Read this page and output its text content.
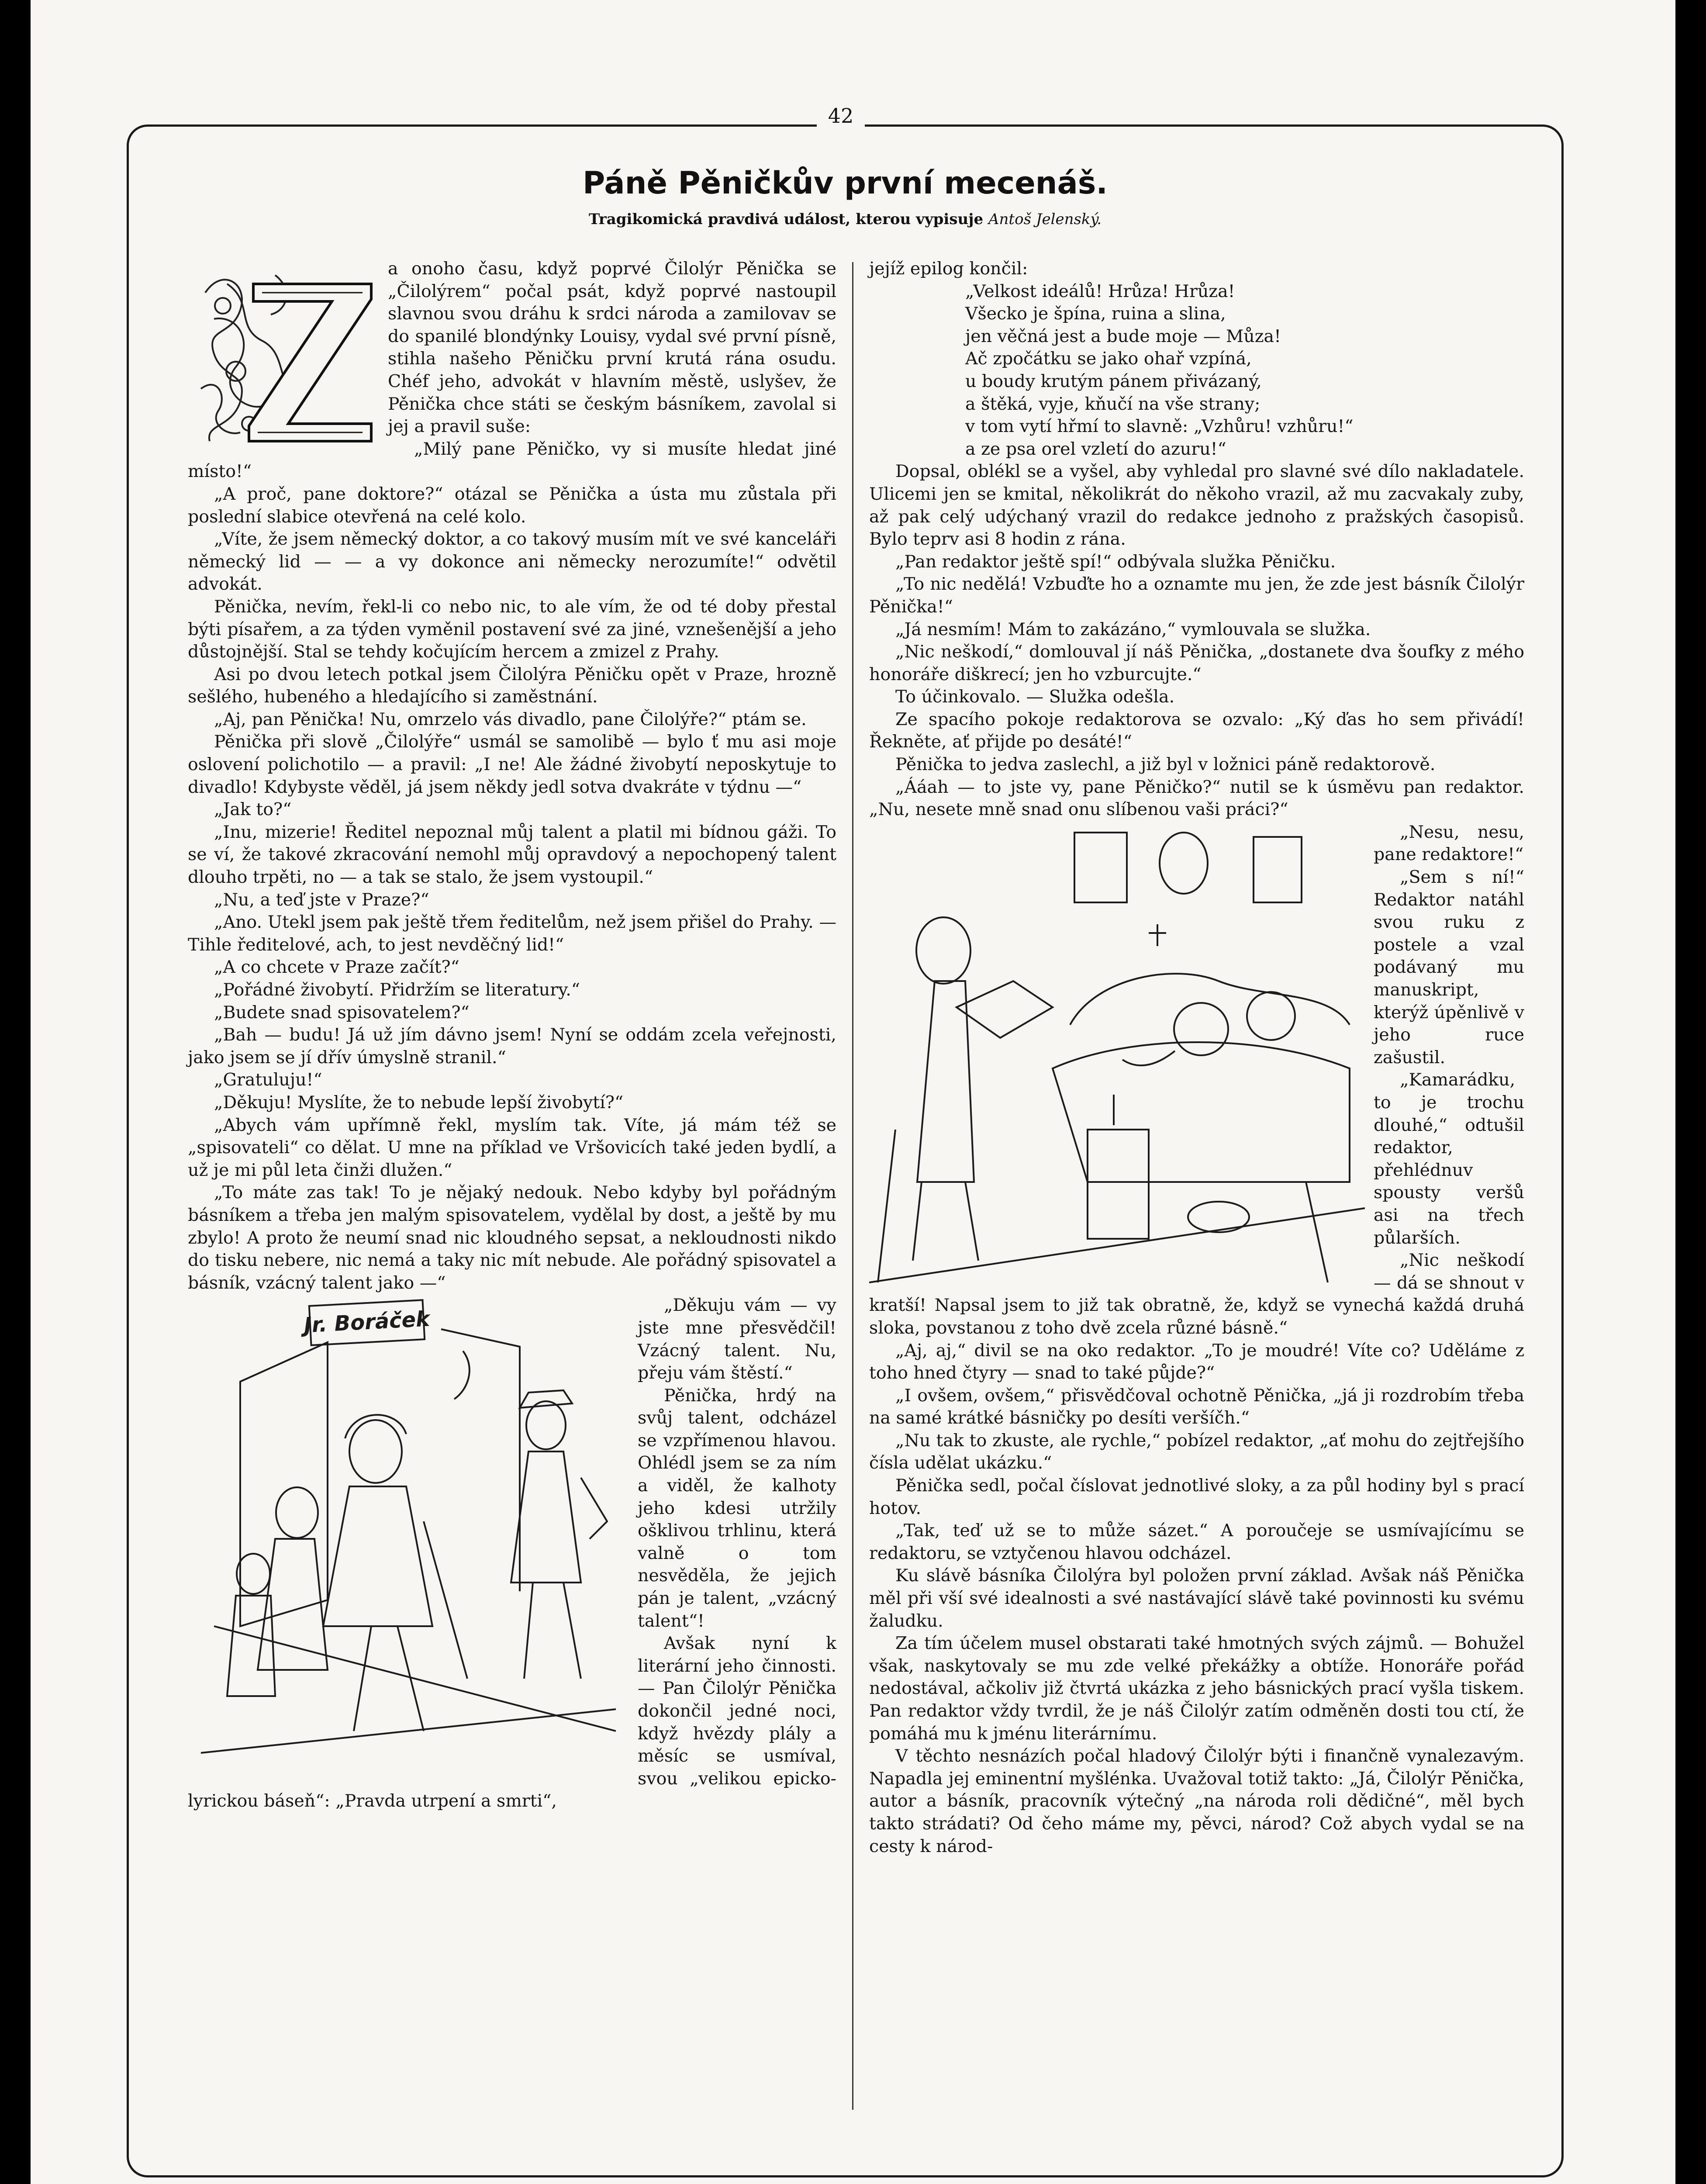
42
Páně Pěničkův první mecenáš.
Tragikomická pravdivá událost, kterou vypisuje Antoš Jelenský.

a onoho času, když poprvé Čilolýr Pěnička se „Čilolýrem“ počal psát, když poprvé nastoupil slavnou svou dráhu k srdci národa a zamilovav se do spanilé blondýnky Louisy, vydal své první písně, stihla našeho Pěničku první krutá rána osudu. Chéf jeho, advokát v hlavním městě, uslyšev, že Pěnička chce státi se českým básníkem, zavolal si jej a pravil suše:

„Milý pane Pěničko, vy si musíte hledat jiné místo!“

„A proč, pane doktore?“ otázal se Pěnička a ústa mu zůstala při poslední slabice otevřená na celé kolo.

„Víte, že jsem německý doktor, a co takový musím mít ve své kanceláři německý lid — — a vy dokonce ani německy nerozumíte!“ odvětil advokát.

Pěnička, nevím, řekl-li co nebo nic, to ale vím, že od té doby přestal býti písařem, a za týden vyměnil postavení své za jiné, vznešenější a jeho důstojnější. Stal se tehdy kočujícím hercem a zmizel z Prahy.

Asi po dvou letech potkal jsem Čilolýra Pěničku opět v Praze, hrozně sešlého, hubeného a hledajícího si zaměstnání.

„Aj, pan Pěnička! Nu, omrzelo vás divadlo, pane Čilolýře?“ ptám se.

Pěnička při slově „Čilolýře“ usmál se samolibě — bylo ť mu asi moje oslovení polichotilo — a pravil: „I ne! Ale žádné živobytí neposkytuje to divadlo! Kdybyste věděl, já jsem někdy jedl sotva dvakráte v týdnu —“

„Jak to?“

„Inu, mizerie! Ředitel nepoznal můj talent a platil mi bídnou gáži. To se ví, že takové zkracování nemohl můj opravdový a nepochopený talent dlouho trpěti, no — a tak se stalo, že jsem vystoupil.“

„Nu, a teď jste v Praze?“

„Ano. Utekl jsem pak ještě třem ředitelům, než jsem přišel do Prahy. — Tihle ředitelové, ach, to jest nevděčný lid!“

„A co chcete v Praze začít?“

„Pořádné živobytí. Přidržím se literatury.“

„Budete snad spisovatelem?“

„Bah — budu! Já už jím dávno jsem! Nyní se oddám zcela veřejnosti, jako jsem se jí dřív úmyslně stranil.“

„Gratuluju!“

„Děkuju! Myslíte, že to nebude lepší živobytí?“

„Abych vám upřímně řekl, myslím tak. Víte, já mám též se „spisovateli“ co dělat. U mne na příklad ve Vršovicích také jeden bydlí, a už je mi půl leta činži dlužen.“

„To máte zas tak! To je nějaký nedouk. Nebo kdyby byl pořádným básníkem a třeba jen malým spisovatelem, vydělal by dost, a ještě by mu zbylo! A proto že neumí snad nic kloudného sepsat, a nekloudnosti nikdo do tisku nebere, nic nemá a taky nic mít nebude. Ale pořádný spisovatel a básník, vzácný talent jako —“

Jr. Boráček

„Děkuju vám — vy jste mne přesvědčil! Vzácný talent. Nu, přeju vám štěstí.“

Pěnička, hrdý na svůj talent, odcházel se vzpřímenou hlavou. Ohlédl jsem se za ním a viděl, že kalhoty jeho kdesi utržily ošklivou trhlinu, která valně o tom nesvěděla, že jejich pán je talent, „vzácný talent“!

Avšak nyní k literární jeho činnosti. — Pan Čilolýr Pěnička dokončil jedné noci, když hvězdy plály a měsíc se usmíval, svou „velikou epicko-lyrickou báseň“: „Pravda utrpení a smrti“,

jejíž epilog končil:

„Velkost ideálů! Hrůza! Hrůza!

Všecko je špína, ruina a slina,

jen věčná jest a bude moje — Můza!

Ač zpočátku se jako ohař vzpíná,

u boudy krutým pánem přivázaný,

a štěká, vyje, kňučí na vše strany;

v tom vytí hřmí to slavně: „Vzhůru! vzhůru!“

a ze psa orel vzletí do azuru!“

Dopsal, oblékl se a vyšel, aby vyhledal pro slavné své dílo nakladatele. Ulicemi jen se kmital, několikrát do někoho vrazil, až mu zacvakaly zuby, až pak celý udýchaný vrazil do redakce jednoho z pražských časopisů. Bylo teprv asi 8 hodin z rána.

„Pan redaktor ještě spí!“ odbývala služka Pěničku.

„To nic nedělá! Vzbuďte ho a oznamte mu jen, že zde jest básník Čilolýr Pěnička!“

„Já nesmím! Mám to zakázáno,“ vymlouvala se služka.

„Nic neškodí,“ domlouval jí náš Pěnička, „dostanete dva šoufky z mého honoráře diškrecí; jen ho vzburcujte.“

To účinkovalo. — Služka odešla.

Ze spacího pokoje redaktorova se ozvalo: „Ký ďas ho sem přivádí! Řekněte, ať přijde po desáté!“

Pěnička to jedva zaslechl, a již byl v ložnici páně redaktorově.

„Ááah — to jste vy, pane Pěničko?“ nutil se k úsměvu pan redaktor. „Nu, nesete mně snad onu slíbenou vaši práci?“

„Nesu, nesu, pane redaktore!“

„Sem s ní!“ Redaktor natáhl svou ruku z postele a vzal podávaný mu manuskript, kterýž úpěnlivě v jeho ruce zašustil.

„Kamarádku, to je trochu dlouhé,“ odtušil redaktor, přehlédnuv spousty veršů asi na třech půlarších.

„Nic neškodí — dá se shnout v kratší! Napsal jsem to již tak obratně, že, když se vynechá každá druhá sloka, povstanou z toho dvě zcela různé básně.“

„Aj, aj,“ divil se na oko redaktor. „To je moudré! Víte co? Uděláme z toho hned čtyry — snad to také půjde?“

„I ovšem, ovšem,“ přisvědčoval ochotně Pěnička, „já ji rozdrobím třeba na samé krátké básničky po desíti veršíčh.“

„Nu tak to zkuste, ale rychle,“ pobízel redaktor, „ať mohu do zejtřejšího čísla udělat ukázku.“

Pěnička sedl, počal číslovat jednotlivé sloky, a za půl hodiny byl s prací hotov.

„Tak, teď už se to může sázet.“ A poroučeje se usmívajícímu se redaktoru, se vztyčenou hlavou odcházel.

Ku slávě básníka Čilolýra byl položen první základ. Avšak náš Pěnička měl při vší své idealnosti a své nastávající slávě také povinnosti ku svému žaludku.

Za tím účelem musel obstarati také hmotných svých zájmů. — Bohužel však, naskytovaly se mu zde velké překážky a obtíže. Honoráře pořád nedostával, ačkoliv již čtvrtá ukázka z jeho básnických prací vyšla tiskem. Pan redaktor vždy tvrdil, že je náš Čilolýr zatím odměněn dosti tou ctí, že pomáhá mu k jménu literárnímu.

V těchto nesnázích počal hladový Čilolýr býti i finančně vynalezavým. Napadla jej eminentní myšlénka. Uvažoval totiž takto: „Já, Čilolýr Pěnička, autor a básník, pracovník výtečný „na národa roli dědičné“, měl bych takto strádati? Od čeho máme my, pěvci, národ? Což abych vydal se na cesty k národ-
